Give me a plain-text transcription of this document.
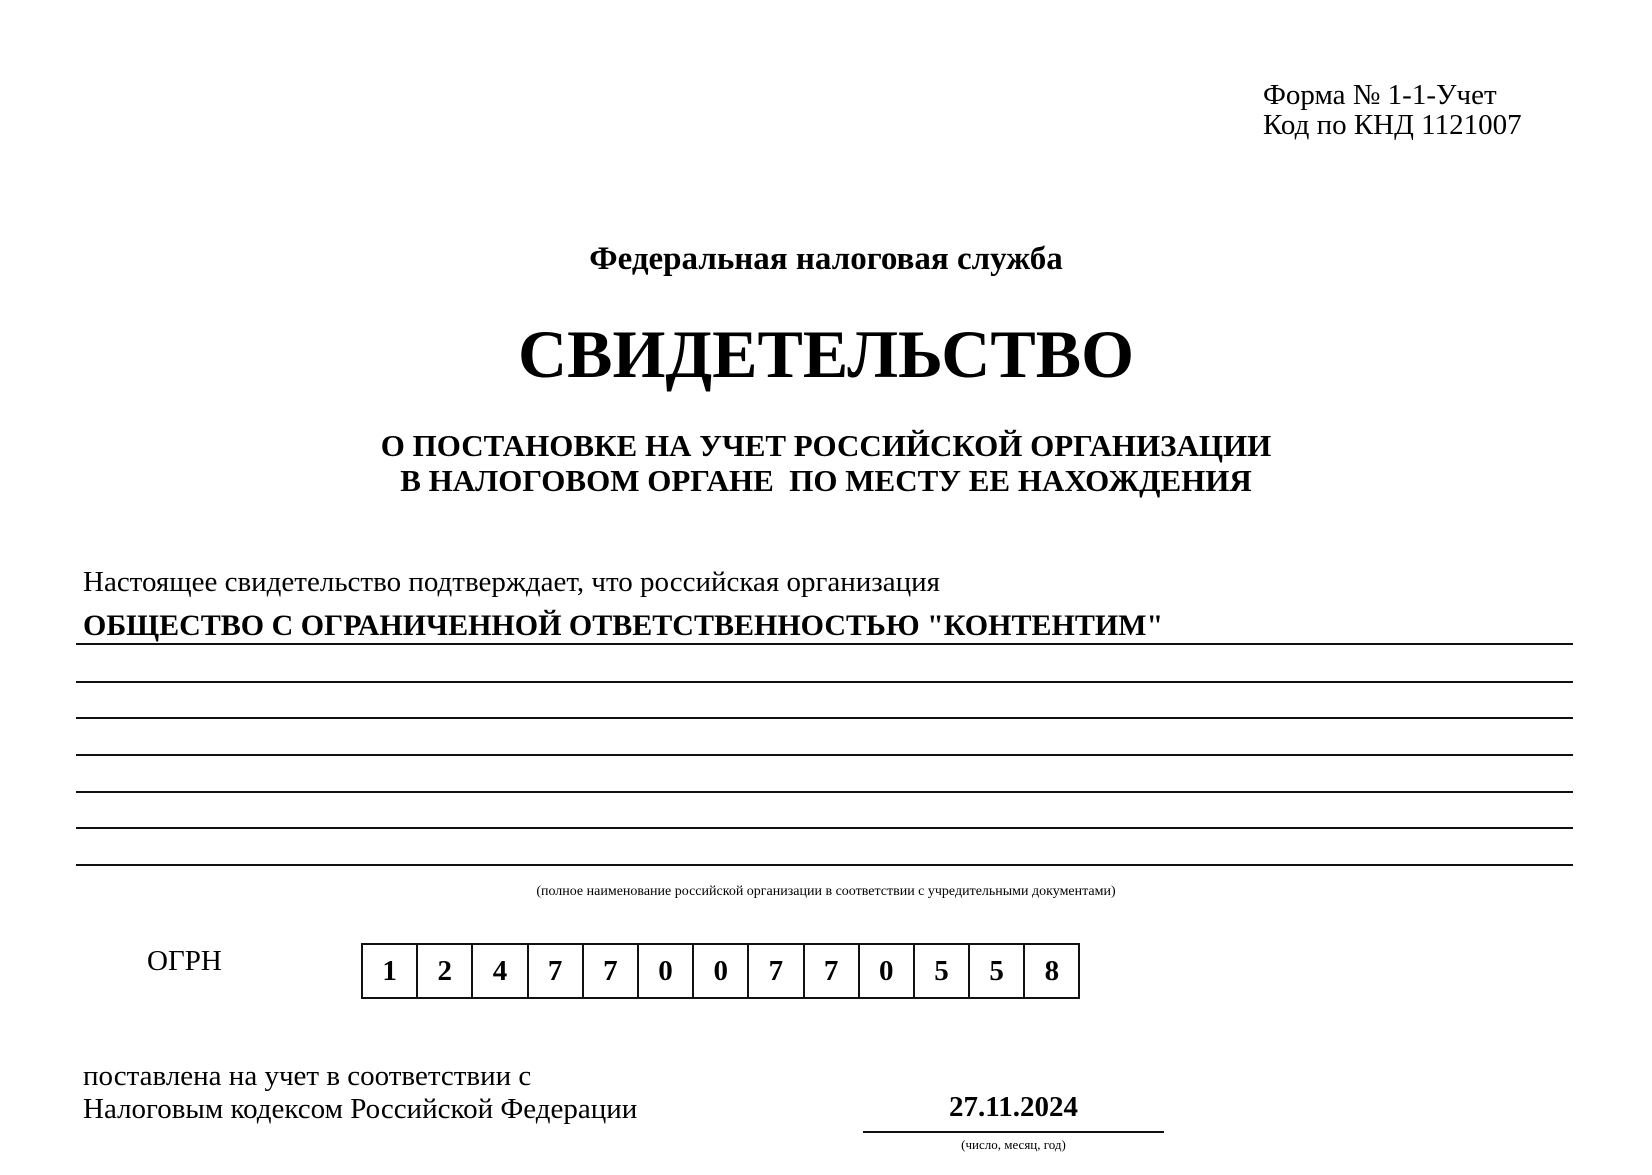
Форма № 1-1-Учет
Код по КНД 1121007
Федеральная налоговая служба
СВИДЕТЕЛЬСТВО
О ПОСТАНОВКЕ НА УЧЕТ РОССИЙСКОЙ ОРГАНИЗАЦИИ
В НАЛОГОВОМ ОРГАНЕ  ПО МЕСТУ ЕЕ НАХОЖДЕНИЯ
Настоящее свидетельство подтверждает, что российская организация
ОБЩЕСТВО С ОГРАНИЧЕННОЙ ОТВЕТСТВЕННОСТЬЮ "КОНТЕНТИМ"
(полное наименование российской организации в соответствии с учредительными документами)
ОГРН	1	2	4	7	7	0	0	7	7	0	5	5	8
поставлена на учет в соответствии с
Налоговым кодексом Российской Федерации	27.11.2024
(число, месяц, год)
